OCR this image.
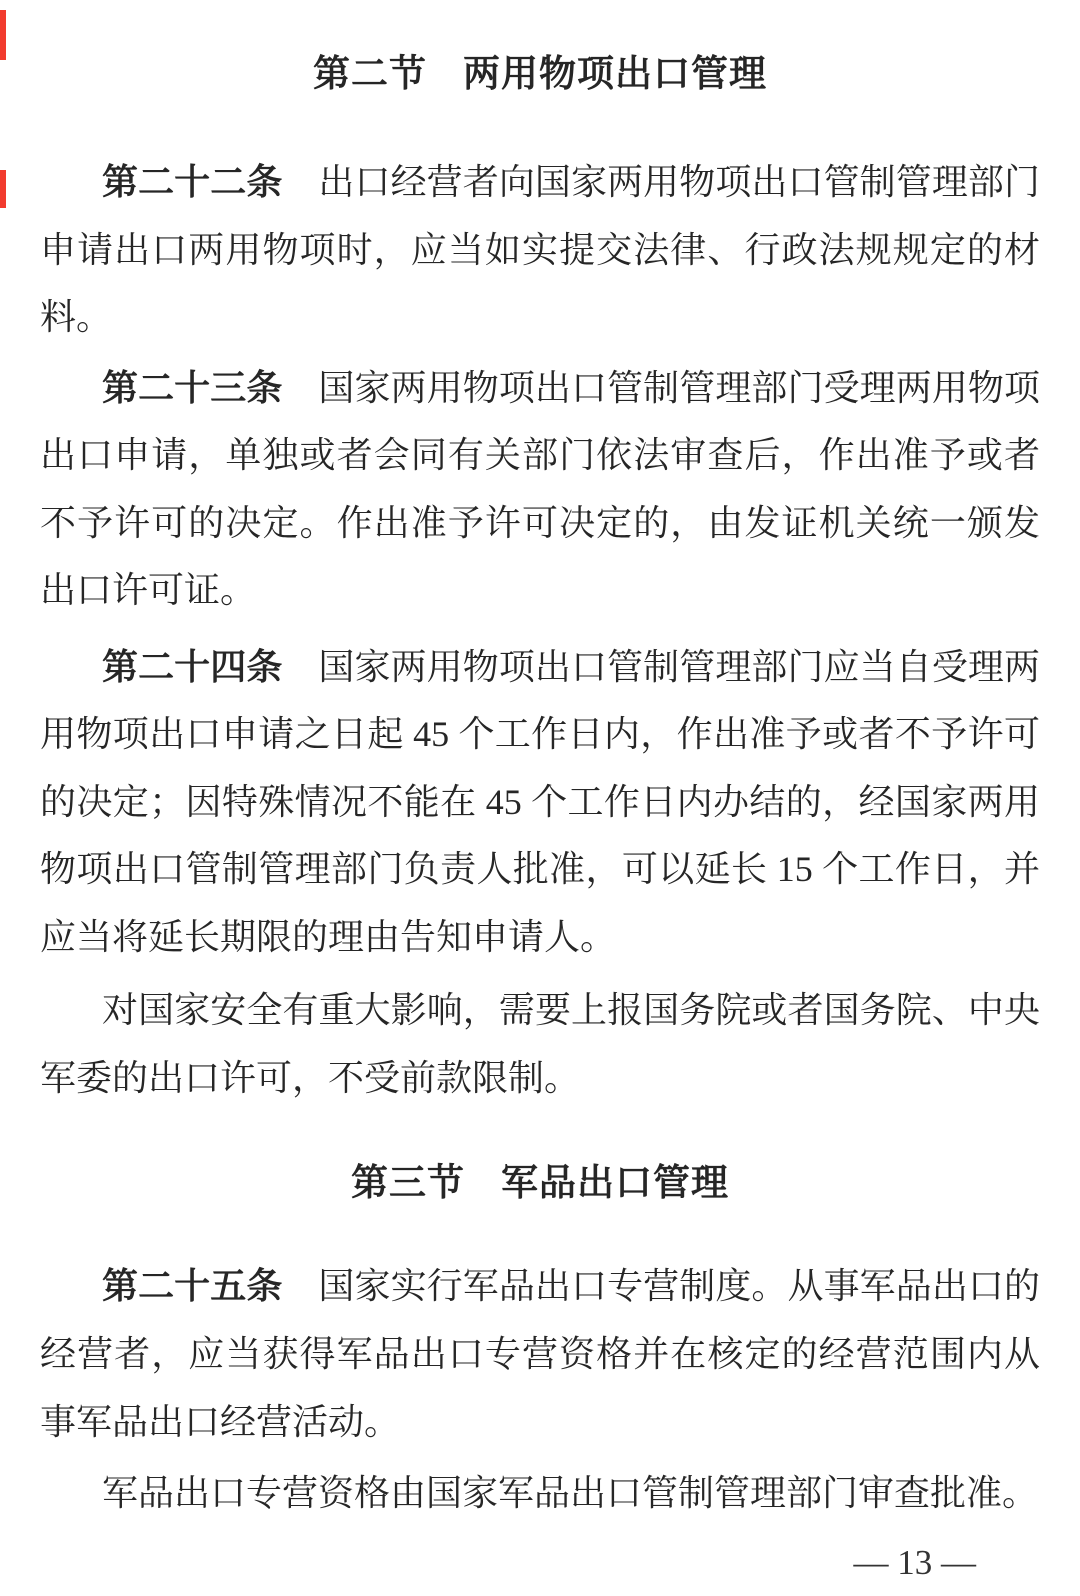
第二节 两用物项出口管理

第二十二条 出口经营者向国家两用物项出口管制管理部门申请出口两用物项时，应当如实提交法律、行政法规规定的材料。

第二十三条 国家两用物项出口管制管理部门受理两用物项出口申请，单独或者会同有关部门依法审查后，作出准予或者不予许可的决定。作出准予许可决定的，由发证机关统一颁发出口许可证。

第二十四条 国家两用物项出口管制管理部门应当自受理两用物项出口申请之日起 45 个工作日内，作出准予或者不予许可的决定；因特殊情况不能在 45 个工作日内办结的，经国家两用物项出口管制管理部门负责人批准，可以延长 15 个工作日，并应当将延长期限的理由告知申请人。

对国家安全有重大影响，需要上报国务院或者国务院、中央军委的出口许可，不受前款限制。

第三节 军品出口管理

第二十五条 国家实行军品出口专营制度。从事军品出口的经营者，应当获得军品出口专营资格并在核定的经营范围内从事军品出口经营活动。

军品出口专营资格由国家军品出口管制管理部门审查批准。

— 13 —
